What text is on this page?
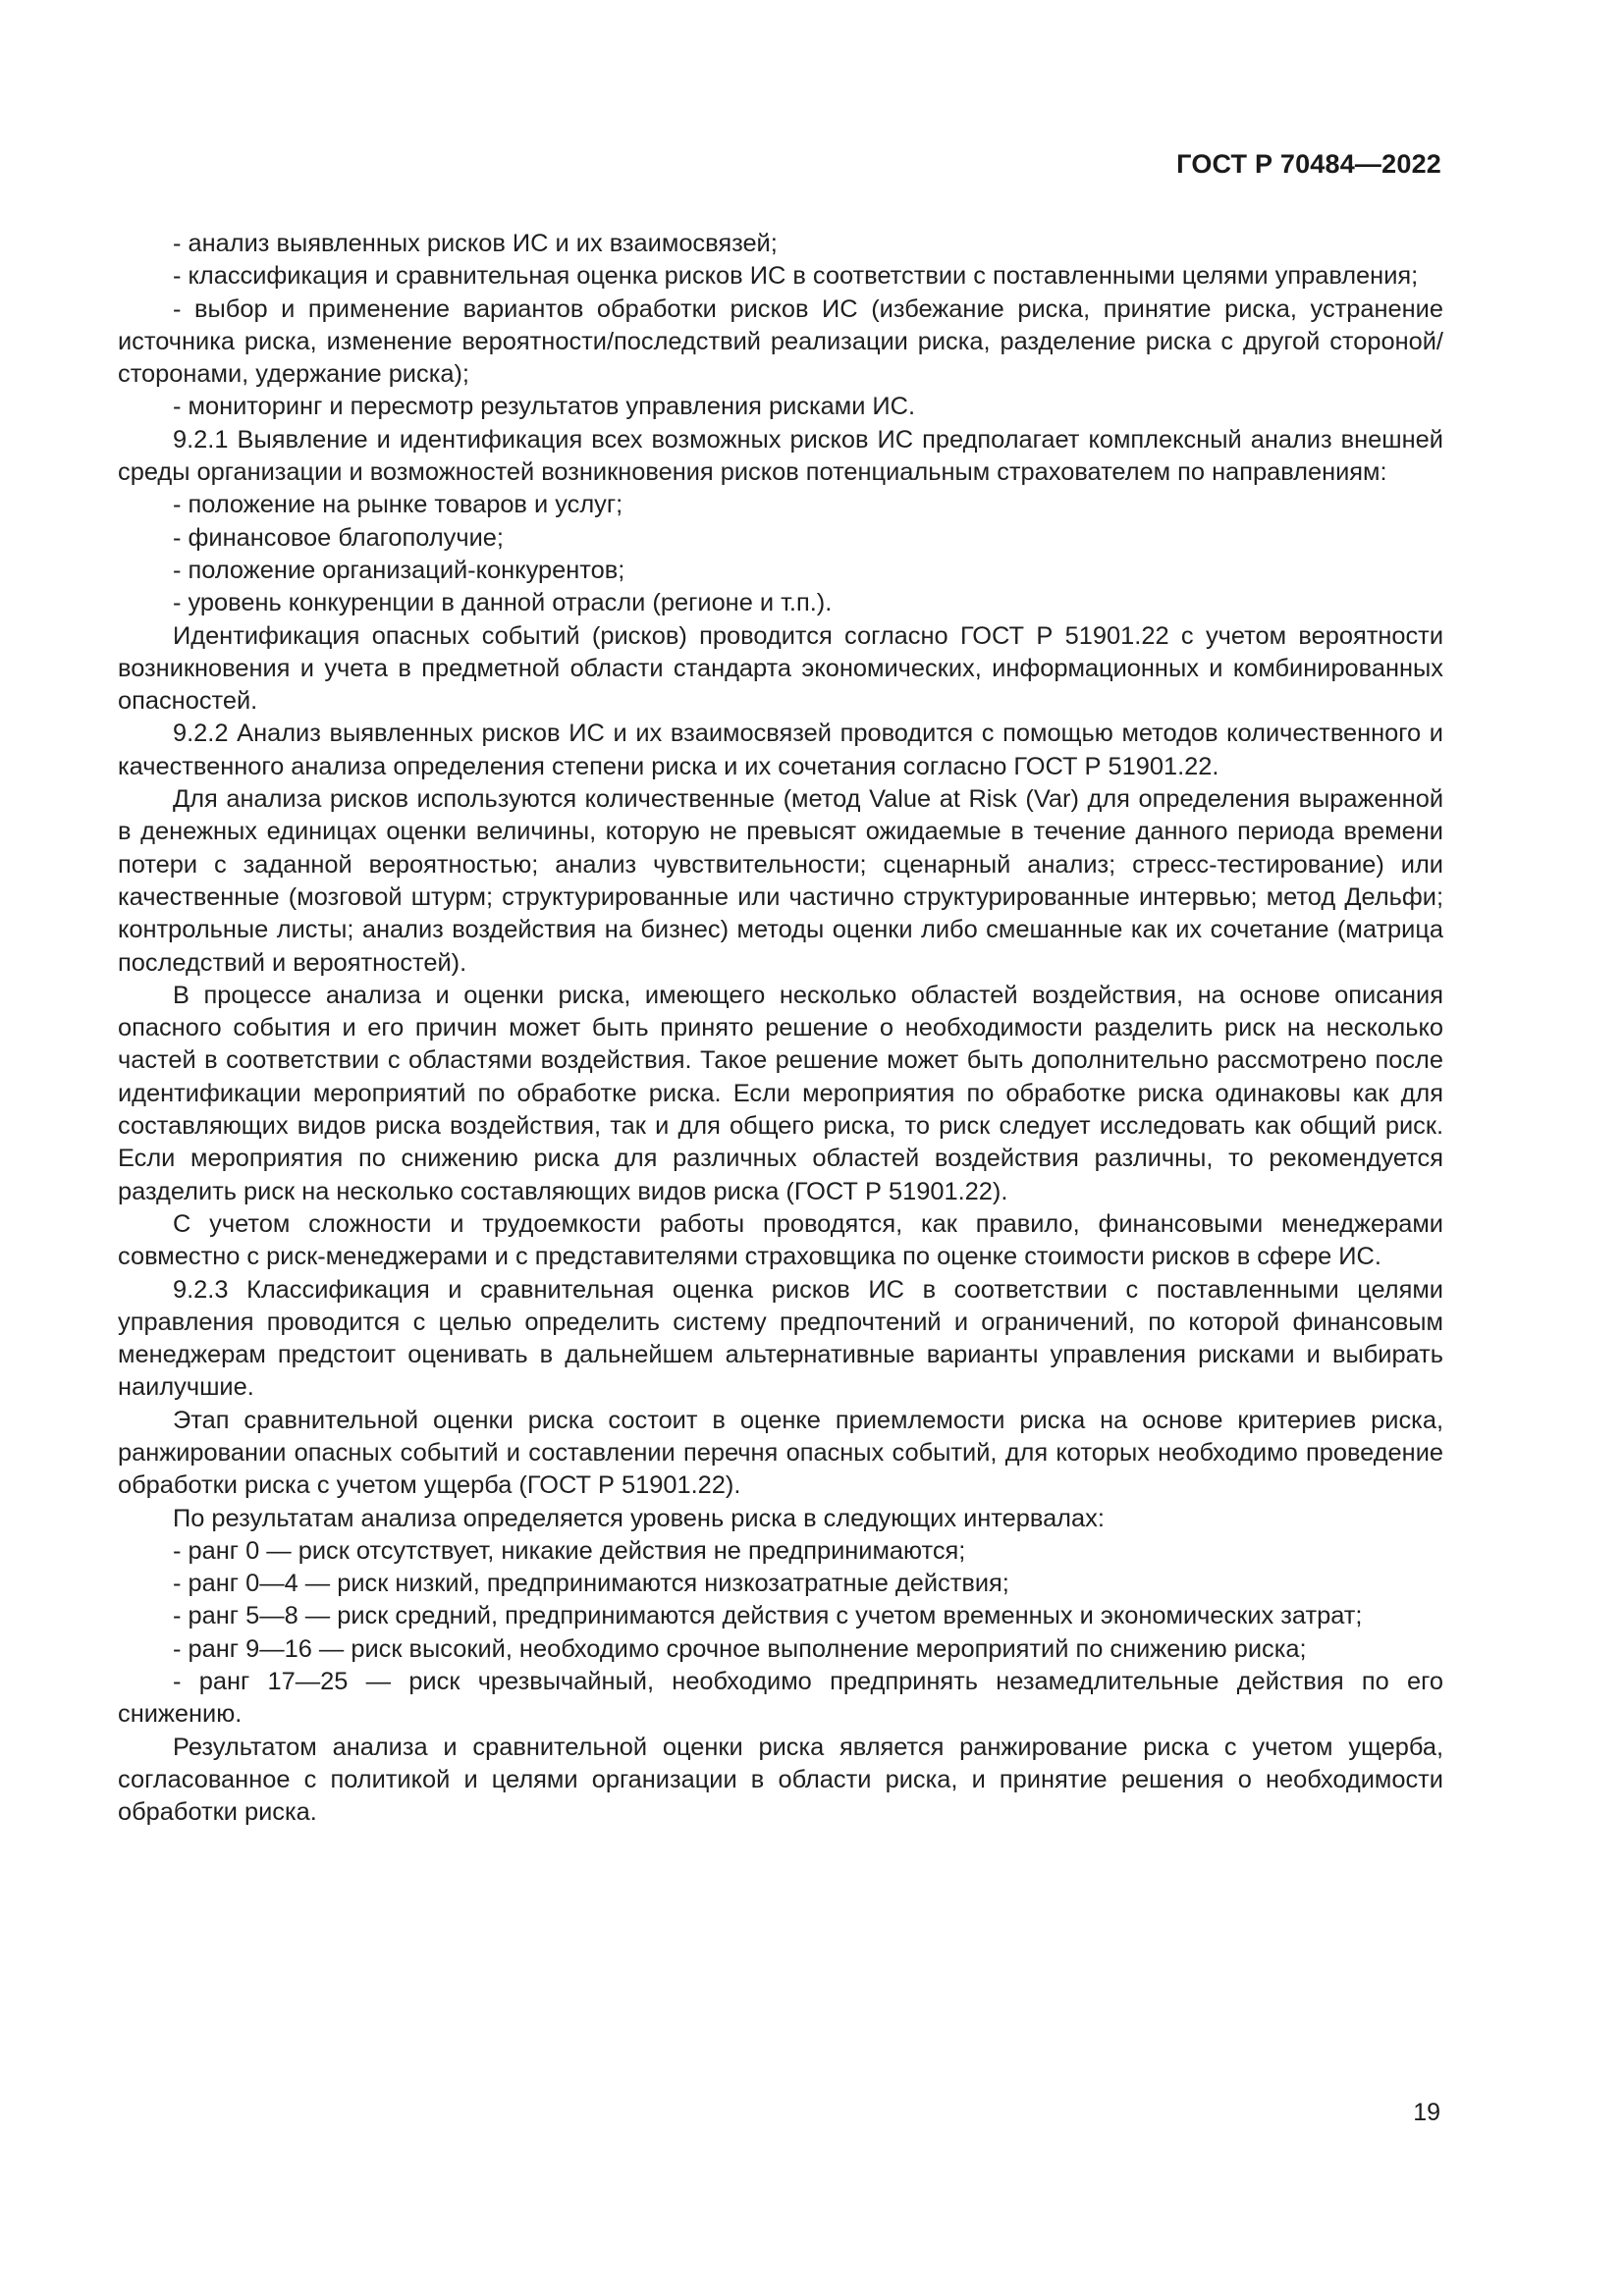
ГОСТ Р 70484—2022

- анализ выявленных рисков ИС и их взаимосвязей;

- классификация и сравнительная оценка рисков ИС в соответствии с поставленными целями управления;

- выбор и применение вариантов обработки рисков ИС (избежание риска, принятие риска, устранение источника риска, изменение вероятности/последствий реализации риска, разделение риска с другой стороной/сторонами, удержание риска);

- мониторинг и пересмотр результатов управления рисками ИС.

9.2.1 Выявление и идентификация всех возможных рисков ИС предполагает комплексный анализ внешней среды организации и возможностей возникновения рисков потенциальным страхователем по направлениям:

- положение на рынке товаров и услуг;

- финансовое благополучие;

- положение организаций-конкурентов;

- уровень конкуренции в данной отрасли (регионе и т.п.).

Идентификация опасных событий (рисков) проводится согласно ГОСТ Р 51901.22 с учетом вероятности возникновения и учета в предметной области стандарта экономических, информационных и комбинированных опасностей.

9.2.2 Анализ выявленных рисков ИС и их взаимосвязей проводится с помощью методов количественного и качественного анализа определения степени риска и их сочетания согласно ГОСТ Р 51901.22.

Для анализа рисков используются количественные (метод Value at Risk (Var) для определения выраженной в денежных единицах оценки величины, которую не превысят ожидаемые в течение данного периода времени потери с заданной вероятностью; анализ чувствительности; сценарный анализ; стресс-тестирование) или качественные (мозговой штурм; структурированные или частично структурированные интервью; метод Дельфи; контрольные листы; анализ воздействия на бизнес) методы оценки либо смешанные как их сочетание (матрица последствий и вероятностей).

В процессе анализа и оценки риска, имеющего несколько областей воздействия, на основе описания опасного события и его причин может быть принято решение о необходимости разделить риск на несколько частей в соответствии с областями воздействия. Такое решение может быть дополнительно рассмотрено после идентификации мероприятий по обработке риска. Если мероприятия по обработке риска одинаковы как для составляющих видов риска воздействия, так и для общего риска, то риск следует исследовать как общий риск. Если мероприятия по снижению риска для различных областей воздействия различны, то рекомендуется разделить риск на несколько составляющих видов риска (ГОСТ Р 51901.22).

С учетом сложности и трудоемкости работы проводятся, как правило, финансовыми менеджерами совместно с риск-менеджерами и с представителями страховщика по оценке стоимости рисков в сфере ИС.

9.2.3 Классификация и сравнительная оценка рисков ИС в соответствии с поставленными целями управления проводится с целью определить систему предпочтений и ограничений, по которой финансовым менеджерам предстоит оценивать в дальнейшем альтернативные варианты управления рисками и выбирать наилучшие.

Этап сравнительной оценки риска состоит в оценке приемлемости риска на основе критериев риска, ранжировании опасных событий и составлении перечня опасных событий, для которых необходимо проведение обработки риска с учетом ущерба (ГОСТ Р 51901.22).

По результатам анализа определяется уровень риска в следующих интервалах:

- ранг 0 — риск отсутствует, никакие действия не предпринимаются;

- ранг 0—4 — риск низкий, предпринимаются низкозатратные действия;

- ранг 5—8 — риск средний, предпринимаются действия с учетом временных и экономических затрат;

- ранг 9—16 — риск высокий, необходимо срочное выполнение мероприятий по снижению риска;

- ранг 17—25 — риск чрезвычайный, необходимо предпринять незамедлительные действия по его снижению.

Результатом анализа и сравнительной оценки риска является ранжирование риска с учетом ущерба, согласованное с политикой и целями организации в области риска, и принятие решения о необходимости обработки риска.

19
